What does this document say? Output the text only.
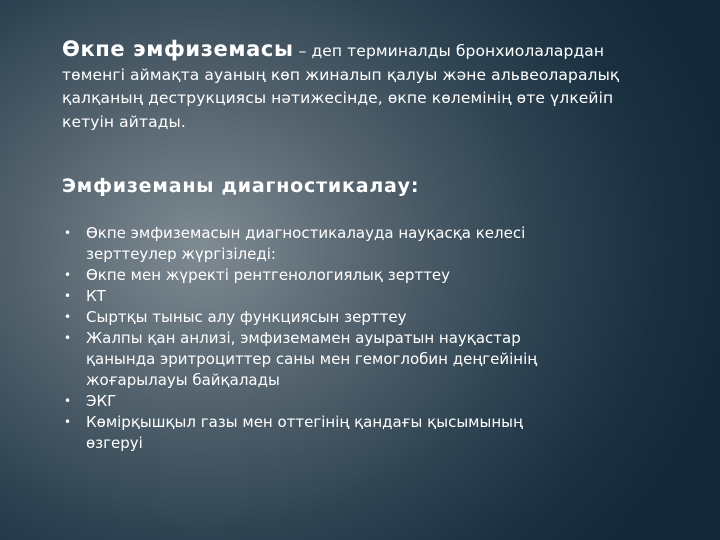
Өкпе эмфиземасы – деп терминалды бронхиолалардан төменгі аймақта ауаның көп жиналып қалуы және альвеоларалық қалқаның деструкциясы нәтижесінде, өкпе көлемінің өте үлкейіп кетуін айтады.
Эмфиземаны диагностикалау:
• Өкпе эмфиземасын диагностикалауда науқасқа келесі зерттеулер жүргізіледі:
• Өкпе мен жүректі рентгенологиялық зерттеу
• КТ
• Сыртқы тыныс алу функциясын зерттеу
• Жалпы қан анлизі, эмфиземамен ауыратын науқастар қанында эритроциттер саны мен гемоглобин деңгейінің жоғарылауы байқалады
• ЭКГ
• Көмірқышқыл газы мен оттегінің қандағы қысымының өзгеруі
